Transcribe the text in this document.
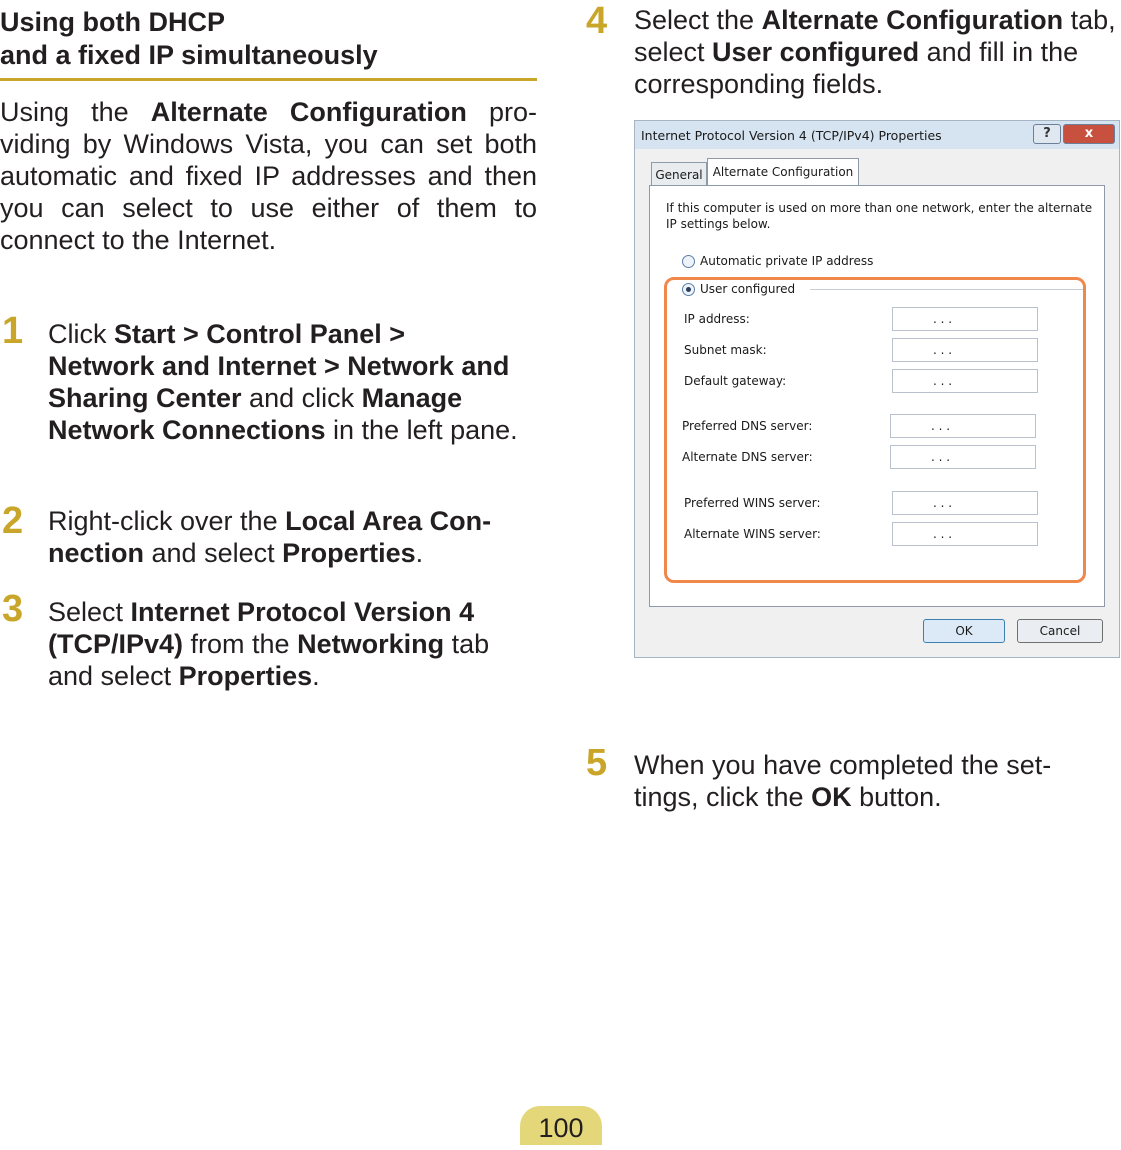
Using both DHCP
and a fixed IP simultaneously
Using the Alternate Configuration pro-viding by Windows Vista, you can set both automatic and fixed IP addresses and then you can select to use either of them to connect to the Internet.
1 Click Start > Control Panel > Network and Internet > Network and Sharing Center and click Manage Network Connections in the left pane.
2 Right-click over the Local Area Con-nection and select Properties.
3 Select Internet Protocol Version 4 (TCP/IPv4) from the Networking tab and select Properties.
4 Select the Alternate Configuration tab, select User configured and fill in the corresponding fields.
Internet Protocol Version 4 (TCP/IPv4) Properties	?	x
General Alternate Configuration
If this computer is used on more than one network, enter the alternate IP settings below.
Automatic private IP address
User configured
IP address:	. . .
Subnet mask:	. . .
Default gateway:	. . .
Preferred DNS server:	. . .
Alternate DNS server:	. . .
Preferred WINS server:	. . .
Alternate WINS server:	. . .
OK	Cancel
5 When you have completed the set-tings, click the OK button.
100
